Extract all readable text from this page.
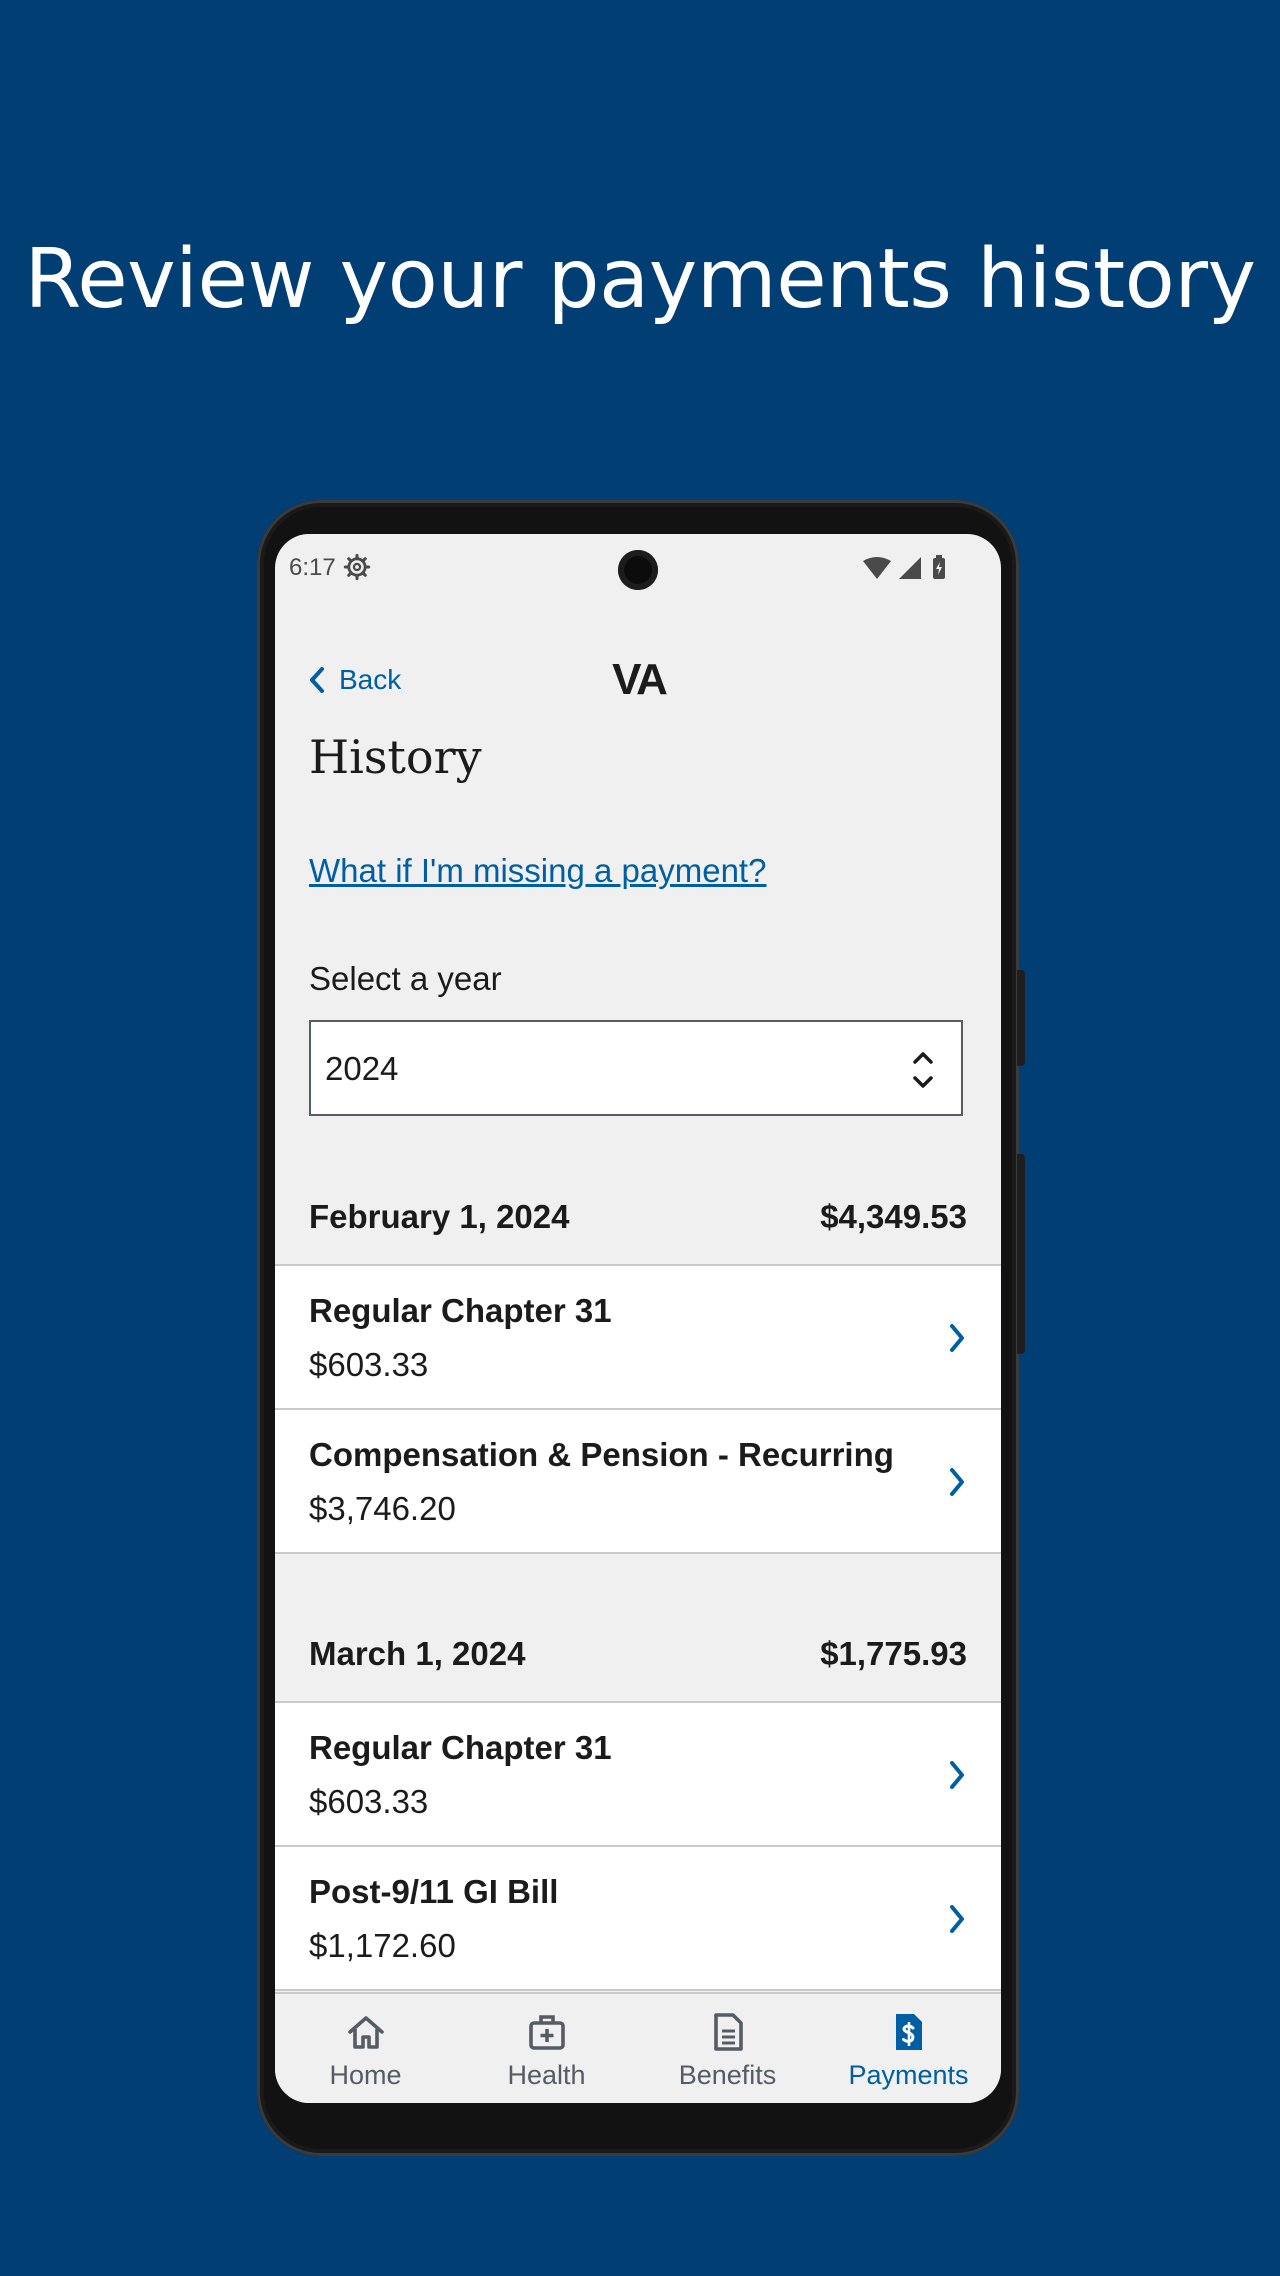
Review your payments history
6:17
Back	VA
History
What if I'm missing a payment?
Select a year
2024
February 1, 2024	$4,349.53
Regular Chapter 31
$603.33
Compensation & Pension - Recurring
$3,746.20
March 1, 2024	$1,775.93
Regular Chapter 31
$603.33
Post-9/11 GI Bill
$1,172.60
Home	Health	Benefits	Payments
